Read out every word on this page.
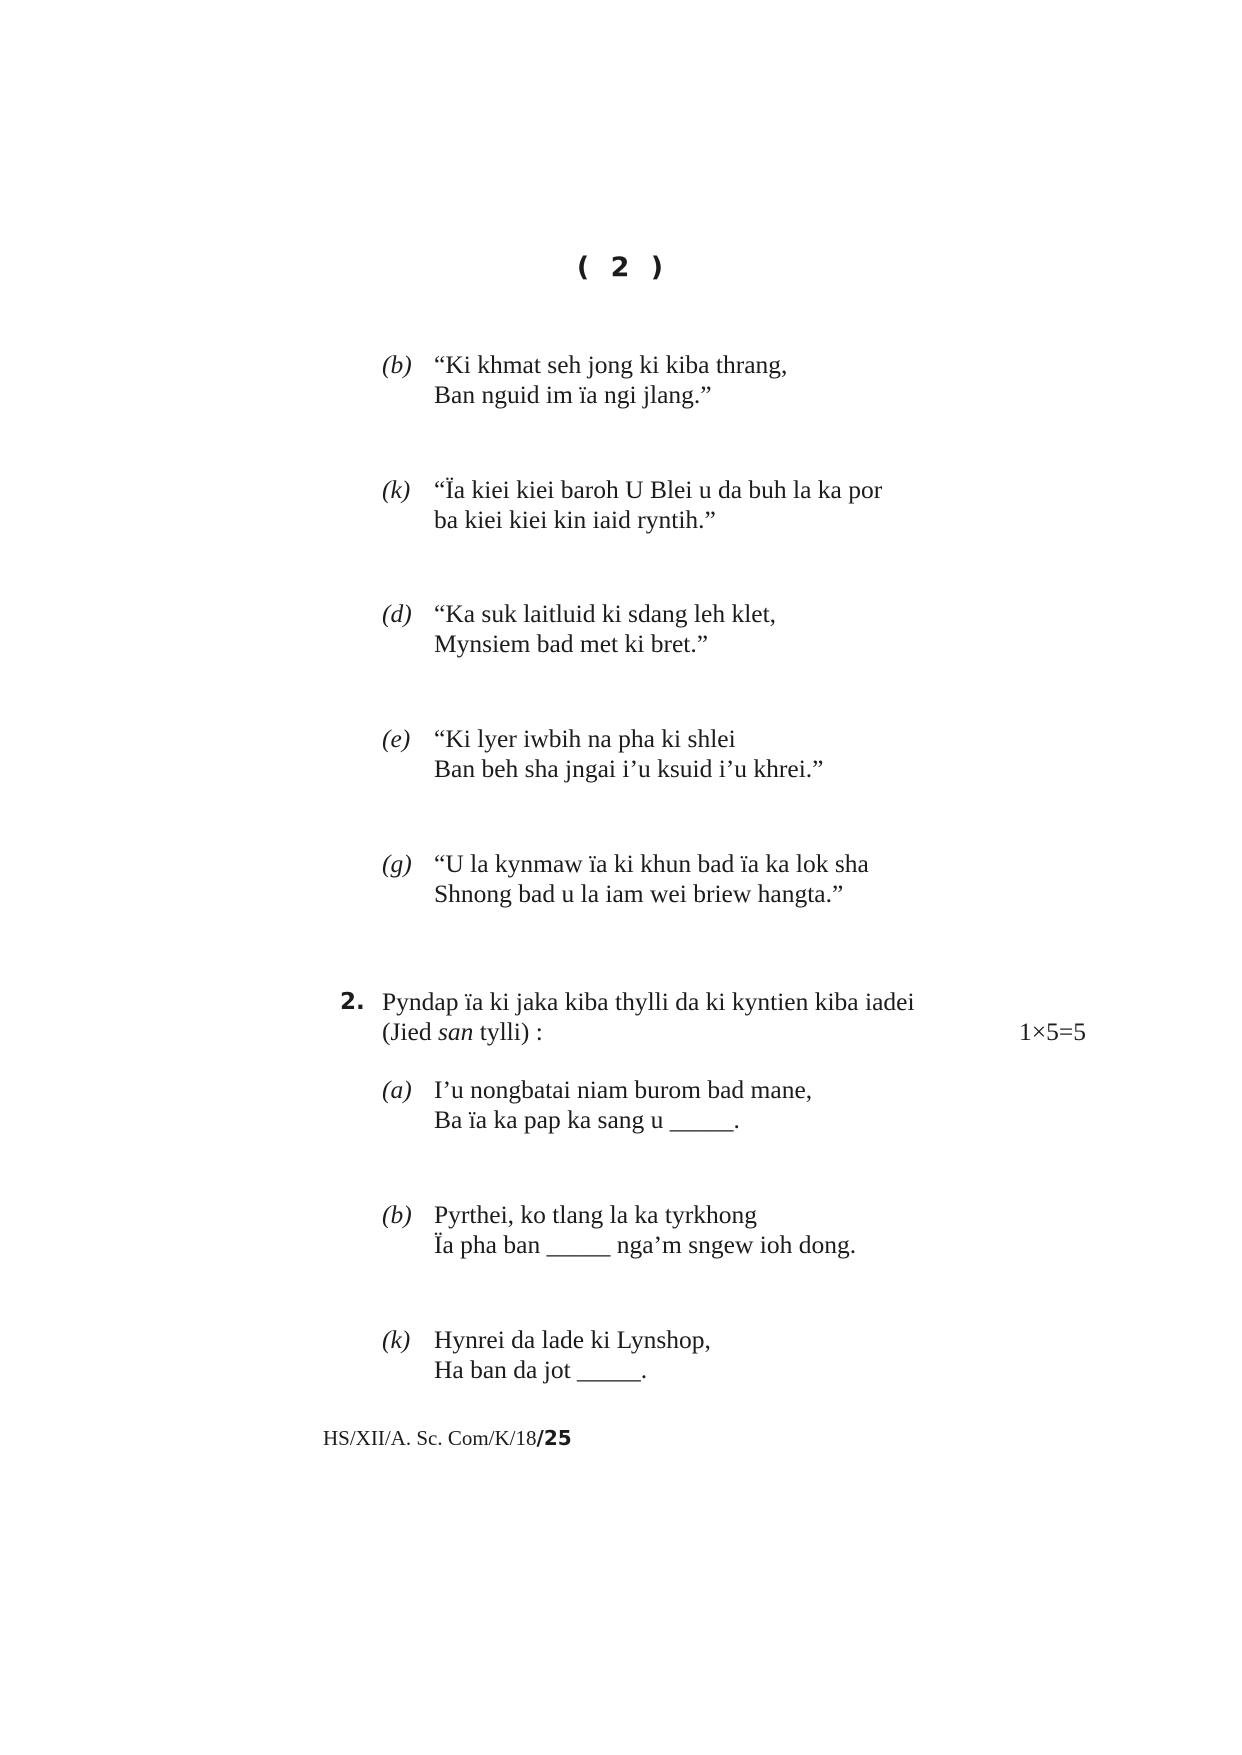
( 2 )
(b) “Ki khmat seh jong ki kiba thrang,
Ban nguid im ïa ngi jlang.”
(k) “Ïa kiei kiei baroh U Blei u da buh la ka por
ba kiei kiei kin iaid ryntih.”
(d) “Ka suk laitluid ki sdang leh klet,
Mynsiem bad met ki bret.”
(e) “Ki lyer iwbih na pha ki shlei
Ban beh sha jngai i’u ksuid i’u khrei.”
(g) “U la kynmaw ïa ki khun bad ïa ka lok sha
Shnong bad u la iam wei briew hangta.”
2. Pyndap ïa ki jaka kiba thylli da ki kyntien kiba iadei
(Jied san tylli) :	1×5=5
(a) I’u nongbatai niam burom bad mane,
Ba ïa ka pap ka sang u _____.
(b) Pyrthei, ko tlang la ka tyrkhong
Ïa pha ban _____ nga’m sngew ioh dong.
(k) Hynrei da lade ki Lynshop,
Ha ban da jot _____.
HS/XII/A. Sc. Com/K/18/25
